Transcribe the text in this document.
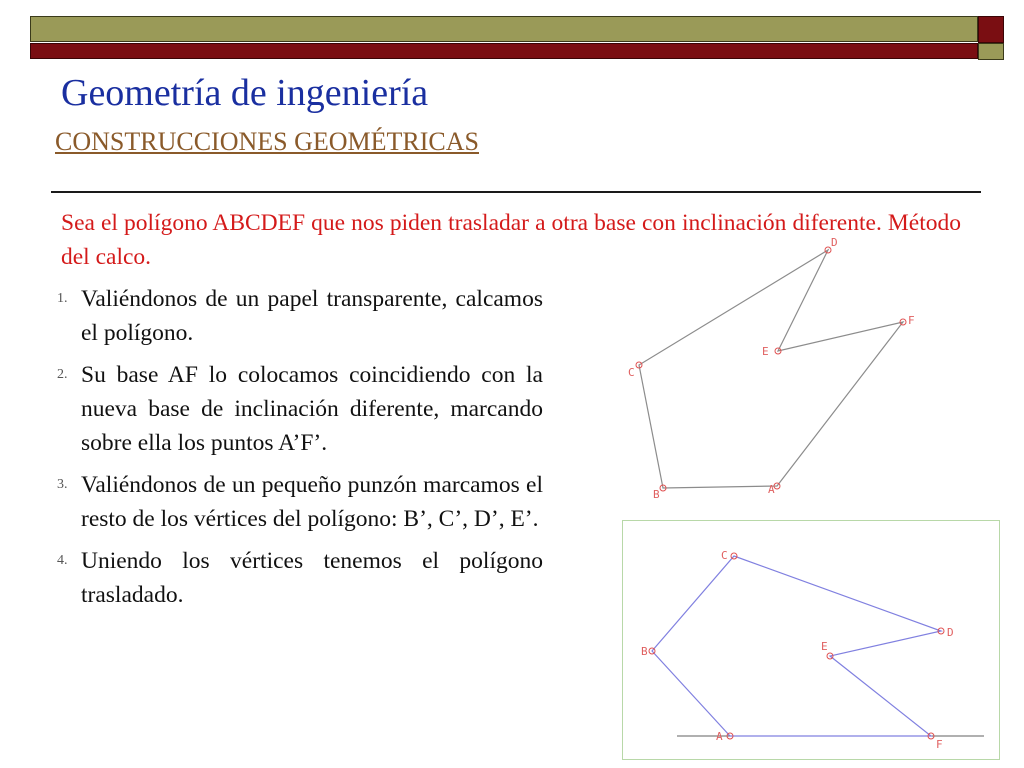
Geometría de ingeniería
CONSTRUCCIONES GEOMÉTRICAS
Sea el polígono ABCDEF que nos piden trasladar a otra base con inclinación diferente. Método del calco.
1. Valiéndonos de un papel transparente, calcamos el polígono.
2. Su base AF lo colocamos coincidiendo con la nueva base de inclinación diferente, marcando sobre ella los puntos A’F’.
3. Valiéndonos de un pequeño punzón marcamos el resto de los vértices del polígono: B’, C’, D’, E’.
4. Uniendo los vértices tenemos el polígono trasladado.
A
B
C
D
E
F
A
B
C
D
E
F
